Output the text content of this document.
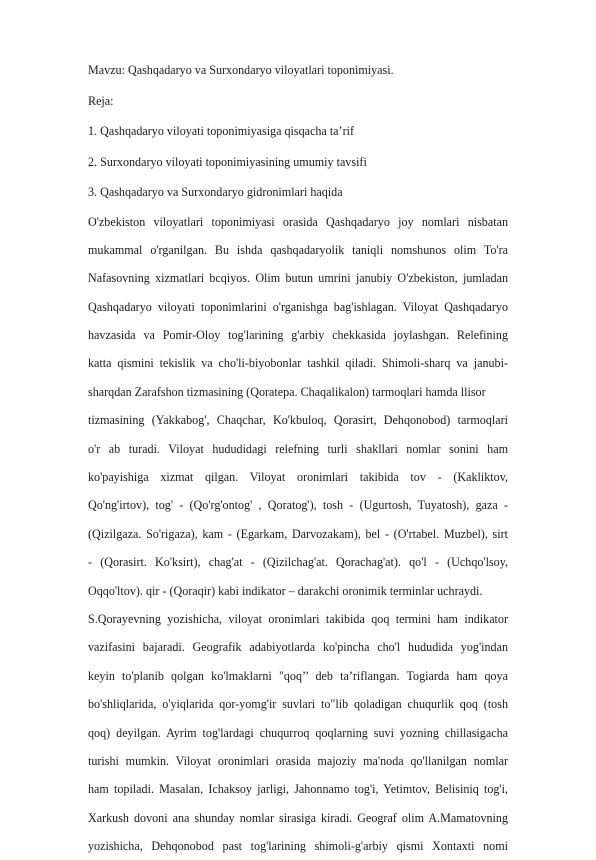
Mavzu: Qashqadaryo va Surxondaryo viloyatlari toponimiyasi.
Reja:
1. Qashqadaryo viloyati toponimiyasiga qisqacha ta’rif
2. Surxondaryo viloyati toponimiyasining umumiy tavsifi
3. Qashqadaryo va Surxondaryo gidronimlari haqida
O'zbekiston viloyatlari toponimiyasi orasida Qashqadaryo joy nomlari nisbatan
mukammal o'rganilgan. Bu ishda qashqadaryolik taniqli nomshunos olim To'ra
Nafasovning xizmatlari bcqiyos. Olim butun umrini janubiy O'zbekiston, jumladan
Qashqadaryo viloyati toponimlarini o'rganishga bag'ishlagan. Viloyat Qashqadaryo
havzasida va Pomir-Oloy tog'larining g'arbiy chekkasida joylashgan. Relefining
katta qismini tekislik va cho'li-biyobonlar tashkil qiladi. Shimoli-sharq va janubi-
sharqdan Zarafshon tizmasining (Qoratepa. Chaqalikalon) tarmoqlari hamda llisor
tizmasining (Yakkabog', Chaqchar, Ko'kbuloq, Qorasirt, Dehqonobod) tarmoqlari
o'r ab turadi. Viloyat hududidagi relefning turli shakllari nomlar sonini ham
ko'payishiga xizmat qilgan. Viloyat oronimlari takibida tov - (Kakliktov,
Qo'ng'irtov), tog' - (Qo'rg'ontog' , Qoratog'), tosh - (Ugurtosh, Tuyatosh), gaza -
(Qizilgaza. So'rigaza), kam - (Egarkam, Darvozakam), bel - (O'rtabel. Muzbel), sirt
- (Qorasirt. Ko'ksirt), chag'at - (Qizilchag'at. Qorachag'at). qo'l - (Uchqo'lsoy,
Oqqo'ltov). qir - (Qoraqir) kabi indikator – darakchi oronimik terminlar uchraydi.
S.Qorayevning yozishicha, viloyat oronimlari takibida qoq termini ham indikator
vazifasini bajaradi. Geografik adabiyotlarda ko'pincha cho'l hududida yog'indan
keyin to'planib qolgan ko'lmaklarni "qoq’’ deb ta’riflangan. Togiarda ham qoya
bo'shliqlarida, o'yiqlarida qor-yomg'ir suvlari to"lib qoladigan chuqurlik qoq (tosh
qoq) deyilgan. Ayrim tog'lardagi chuqurroq qoqlarning suvi yozning chillasigacha
turishi mumkin. Viloyat oronimlari orasida majoziy ma'noda qo'llanilgan nomlar
ham topiladi. Masalan, Ichaksoy jarligi, Jahonnamo tog'i, Yetimtov, Belisiniq tog'i,
Xarkush dovoni ana shunday nomlar sirasiga kiradi. Geograf olim A.Mamatovning
yozishicha, Dehqonobod past tog'larining shimoli-g'arbiy qismi Xontaxti nomi
